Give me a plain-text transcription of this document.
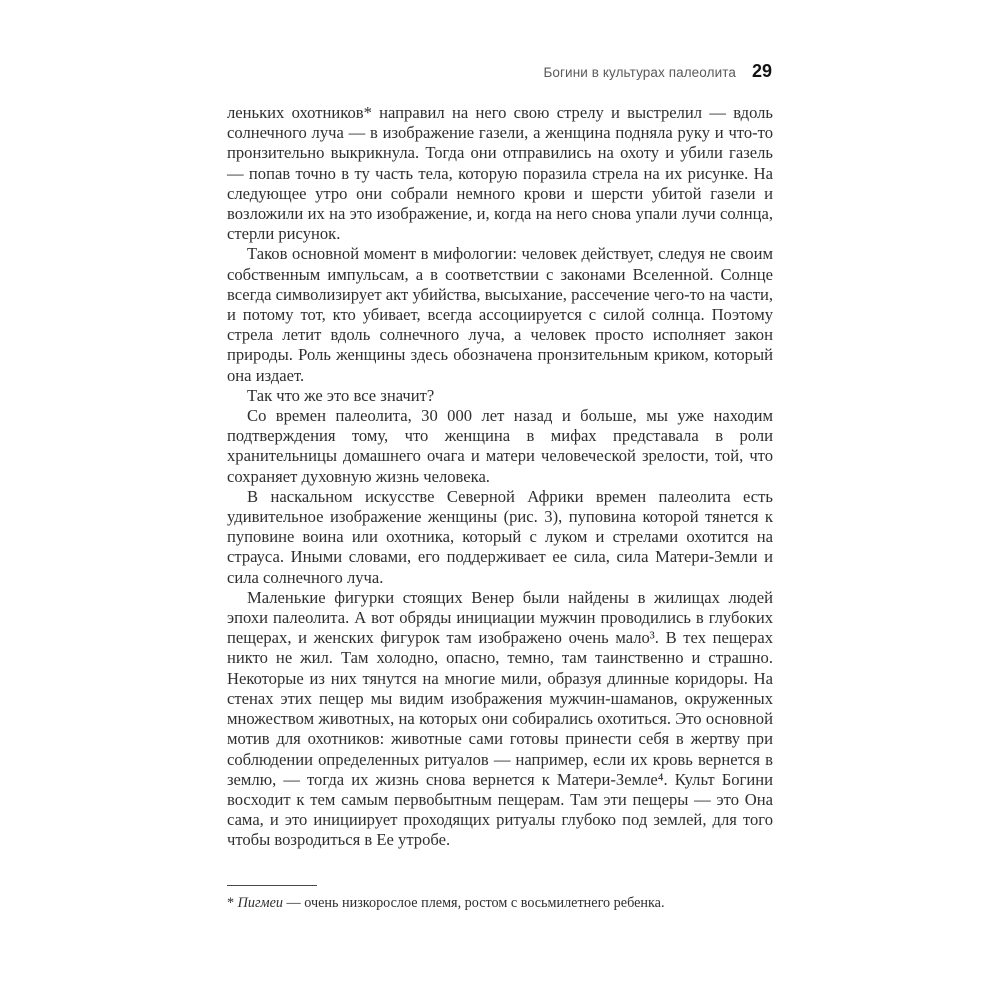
Богини в культурах палеолита 29

леньких охотников* направил на него свою стрелу и выстрелил — вдоль солнечного луча — в изображение газели, а женщина подняла руку и что-то пронзительно выкрикнула. Тогда они отправились на охоту и убили газель — попав точно в ту часть тела, которую поразила стрела на их рисунке. На следующее утро они собрали немного крови и шерсти убитой газели и возложили их на это изображение, и, когда на него снова упали лучи солнца, стерли рисунок.

Таков основной момент в мифологии: человек действует, следуя не своим собственным импульсам, а в соответствии с законами Вселенной. Солнце всегда символизирует акт убийства, высыхание, рассечение чего-то на части, и потому тот, кто убивает, всегда ассоциируется с силой солнца. Поэтому стрела летит вдоль солнечного луча, а человек просто исполняет закон природы. Роль женщины здесь обозначена пронзительным криком, который она издает.

Так что же это все значит?

Со времен палеолита, 30 000 лет назад и больше, мы уже находим подтверждения тому, что женщина в мифах представала в роли хранительницы домашнего очага и матери человеческой зрелости, той, что сохраняет духовную жизнь человека.

В наскальном искусстве Северной Африки времен палеолита есть удивительное изображение женщины (рис. 3), пуповина которой тянется к пуповине воина или охотника, который с луком и стрелами охотится на страуса. Иными словами, его поддерживает ее сила, сила Матери-Земли и сила солнечного луча.

Маленькие фигурки стоящих Венер были найдены в жилищах людей эпохи палеолита. А вот обряды инициации мужчин проводились в глубоких пещерах, и женских фигурок там изображено очень мало³. В тех пещерах никто не жил. Там холодно, опасно, темно, там таинственно и страшно. Некоторые из них тянутся на многие мили, образуя длинные коридоры. На стенах этих пещер мы видим изображения мужчин-шаманов, окруженных множеством животных, на которых они собирались охотиться. Это основной мотив для охотников: животные сами готовы принести себя в жертву при соблюдении определенных ритуалов — например, если их кровь вернется в землю, — тогда их жизнь снова вернется к Матери-Земле⁴. Культ Богини восходит к тем самым первобытным пещерам. Там эти пещеры — это Она сама, и это инициирует проходящих ритуалы глубоко под землей, для того чтобы возродиться в Ее утробе.

* Пигмеи — очень низкорослое племя, ростом с восьмилетнего ребенка.
